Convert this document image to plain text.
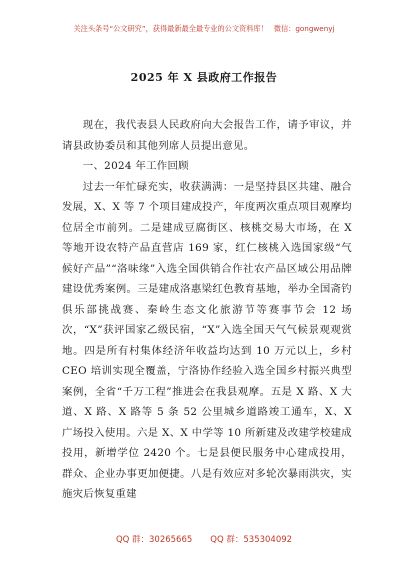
关注头条号“公文研究”，获得最新最全最专业的公文资料库！ 微信：gongwenyj
2025 年 X 县政府工作报告

现在，我代表县人民政府向大会报告工作，请予审议，并请县政协委员和其他列席人员提出意见。

一、2024 年工作回顾

过去一年忙碌充实，收获满满：一是坚持县区共建、融合发展，X、X 等 7 个项目建成投产，年度两次重点项目观摩均位居全市前列。二是建成豆腐街区、核桃交易大市场，在 X 等地开设农特产品直营店 169 家，红仁核桃入选国家级“气候好产品”“洛味缘”入选全国供销合作社农产品区域公用品牌建设优秀案例。三是建成洛惠梁红色教育基地，举办全国斋钓俱乐部挑战赛、秦岭生态文化旅游节等赛事节会 12 场次，“X”获评国家乙级民宿，“X”入选全国天气气候景观观赏地。四是所有村集体经济年收益均达到 10 万元以上，乡村 CEO 培训实现全覆盖，宁洛协作经验入选全国乡村振兴典型案例，全省“千万工程”推进会在我县观摩。五是 X 路、X 大道、X 路、X 路等 5 条 52 公里城乡道路竣工通车，X、X 广场投入使用。六是 X、X 中学等 10 所新建及改建学校建成投用，新增学位 2420 个。七是县便民服务中心建成投用，群众、企业办事更加便捷。八是有效应对多轮次暴雨洪灾，实施灾后恢复重建

QQ 群：30265665 QQ 群：535304092
